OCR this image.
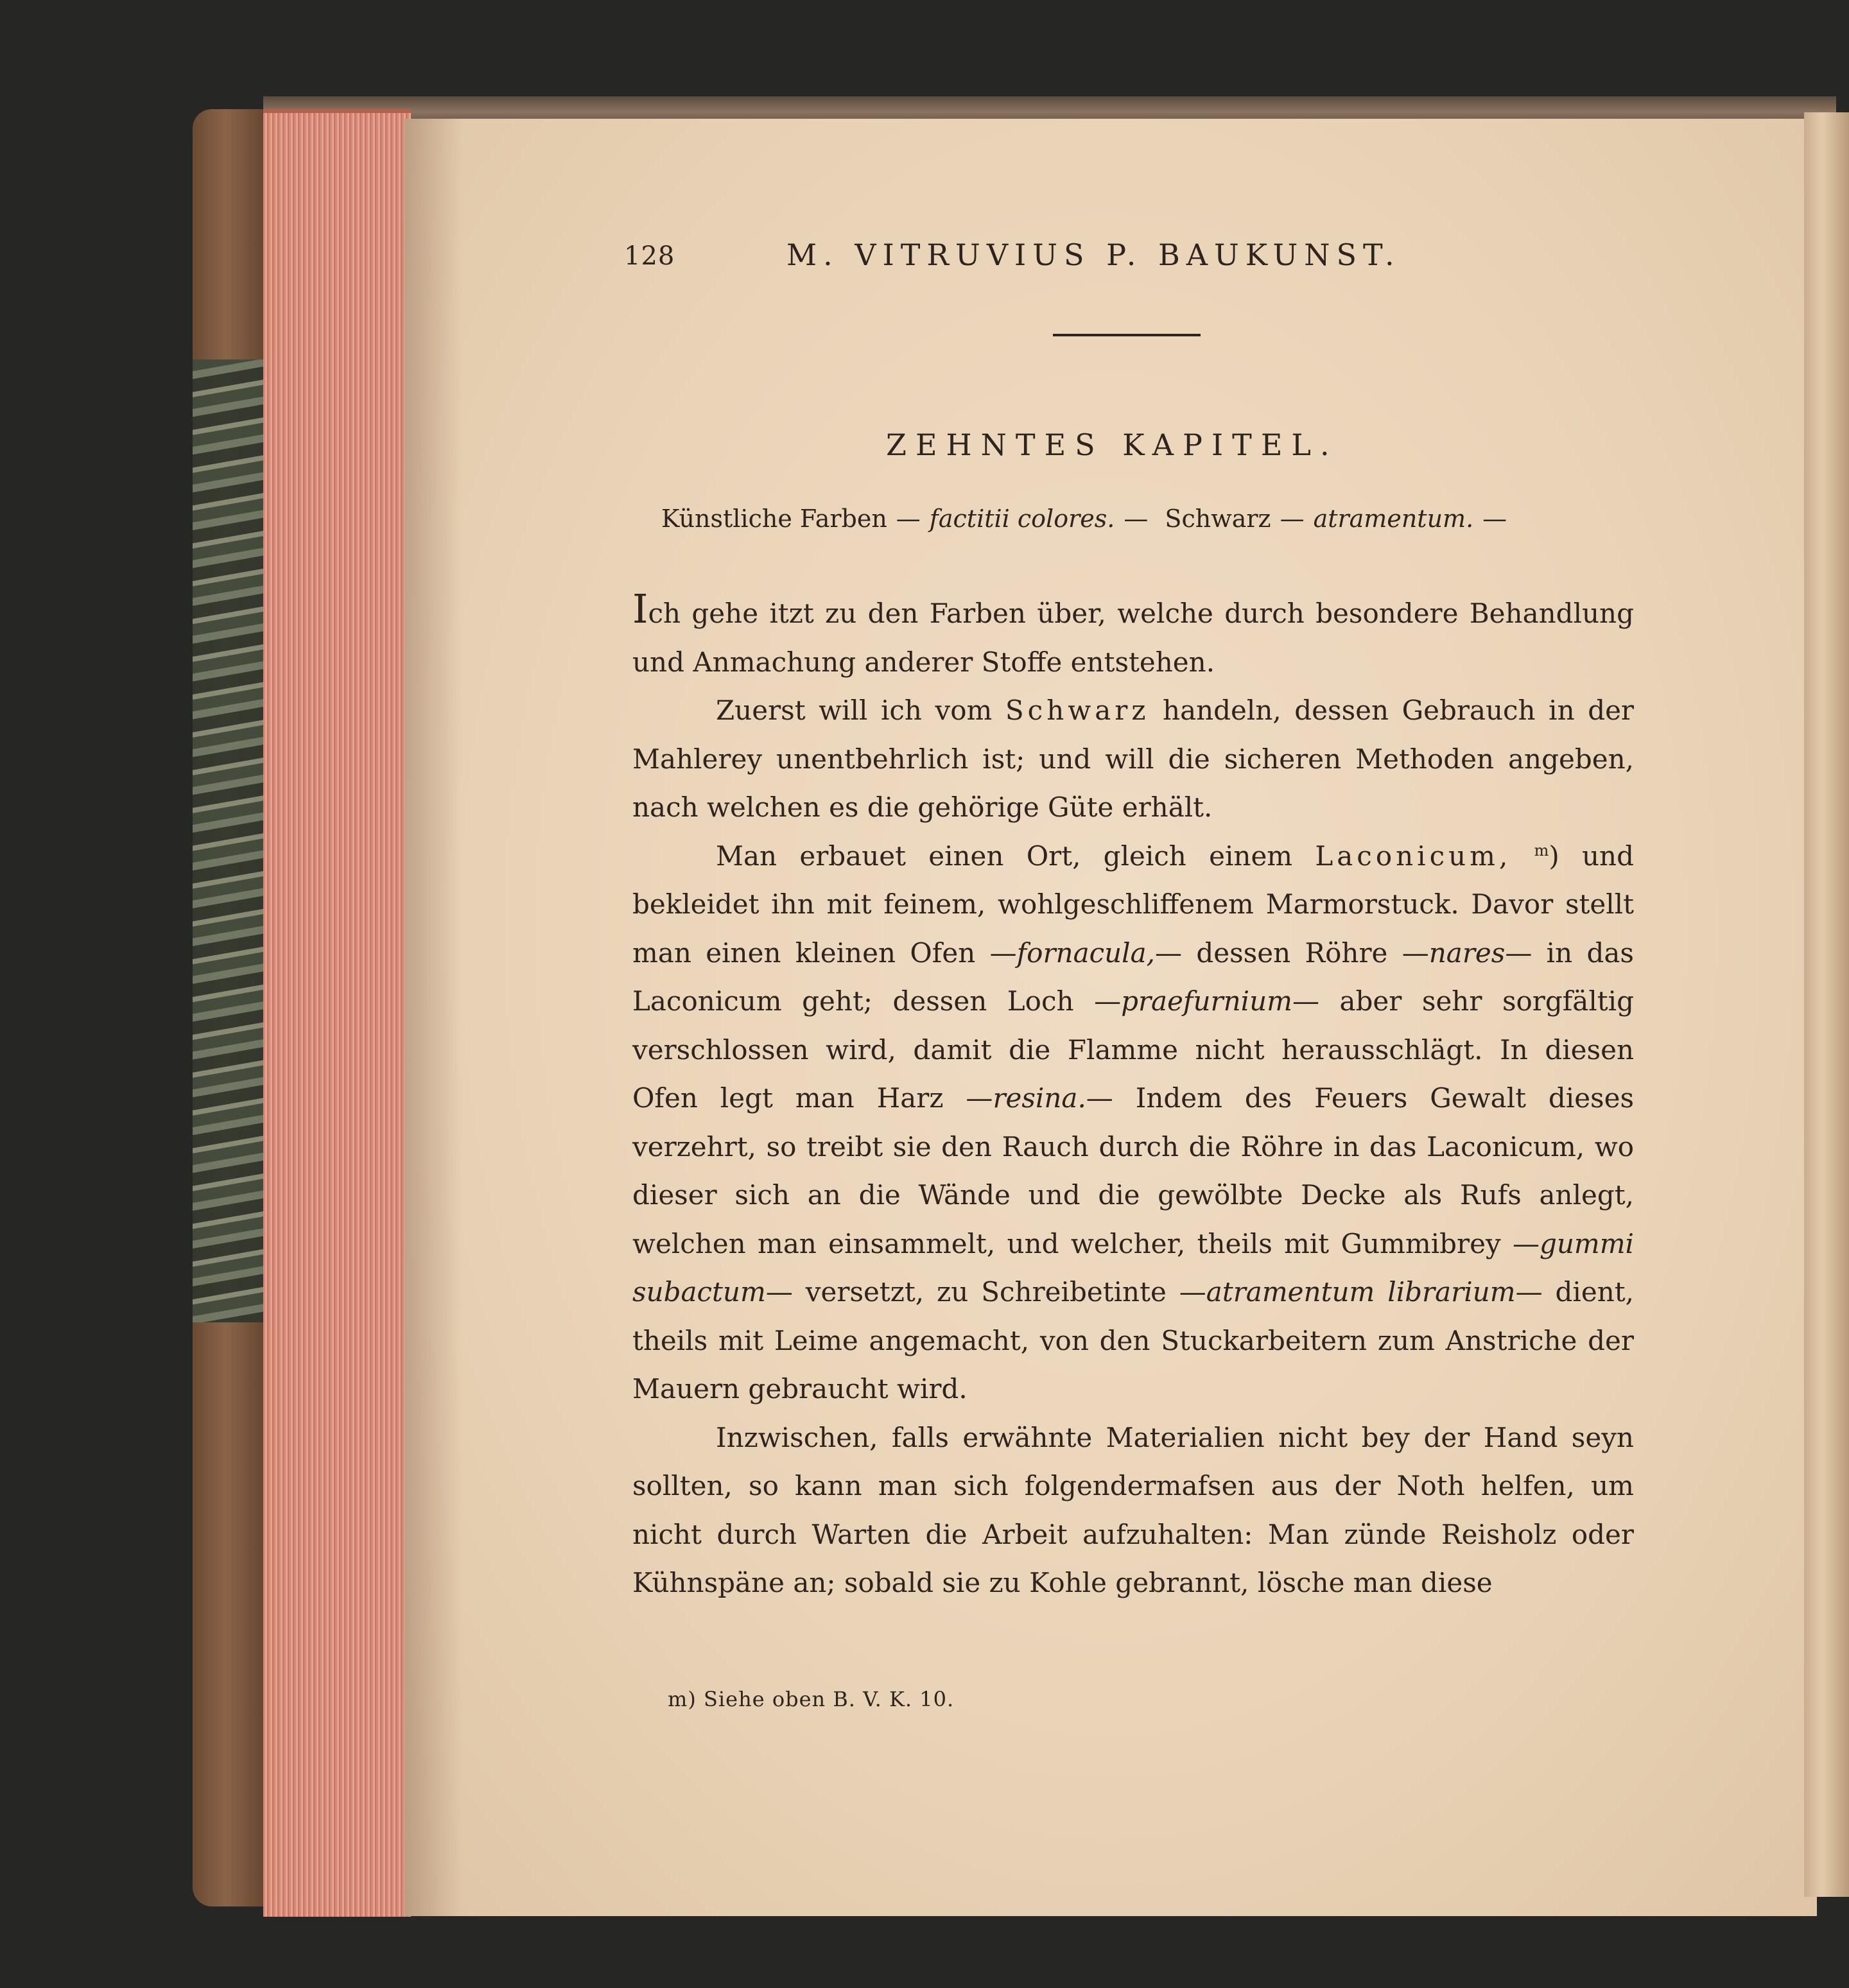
128	M. VITRUVIUS P. BAUKUNST.
ZEHNTES KAPITEL.
Künstliche Farben — factitii colores. — Schwarz — atramentum. —

Ich gehe itzt zu den Farben über, welche durch besondere Behandlung und Anmachung anderer Stoffe entstehen.

Zuerst will ich vom Schwarz handeln, dessen Gebrauch in der Mahlerey unentbehrlich ist; und will die sicheren Methoden angeben, nach welchen es die gehörige Güte erhält.

Man erbauet einen Ort, gleich einem Laconicum, $^m$) und bekleidet ihn mit feinem, wohlgeschliffenem Marmorstuck. Davor stellt man einen kleinen Ofen —fornacula,— dessen Röhre —nares— in das Laconicum geht; dessen Loch —praefurnium— aber sehr sorgfältig verschlossen wird, damit die Flamme nicht herausschlägt. In diesen Ofen legt man Harz —resina.— Indem des Feuers Gewalt dieses verzehrt, so treibt sie den Rauch durch die Röhre in das Laconicum, wo dieser sich an die Wände und die gewölbte Decke als Rufs anlegt, welchen man einsammelt, und welcher, theils mit Gummibrey —gummi subactum— versetzt, zu Schreibetinte —atramentum librarium— dient, theils mit Leime angemacht, von den Stuckarbeitern zum Anstriche der Mauern gebraucht wird.

Inzwischen, falls erwähnte Materialien nicht bey der Hand seyn sollten, so kann man sich folgendermafsen aus der Noth helfen, um nicht durch Warten die Arbeit aufzuhalten: Man zünde Reisholz oder Kühnspäne an; sobald sie zu Kohle gebrannt, lösche man diese

m) Siehe oben B. V. K. 10.
